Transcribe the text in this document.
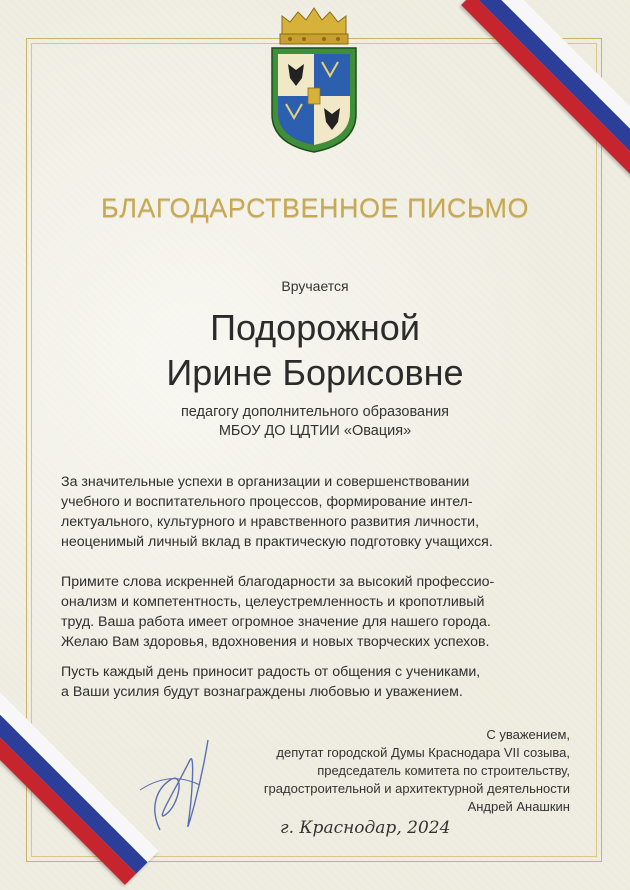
БЛАГОДАРСТВЕННОЕ ПИСЬМО
Вручается
Подорожной
Ирине Борисовне
педагогу дополнительного образования
МБОУ ДО ЦДТИИ «Овация»
За значительные успехи в организации и совершенствовании
учебного и воспитательного процессов, формирование интел-
лектуального, культурного и нравственного развития личности,
неоценимый личный вклад в практическую подготовку учащихся.
Примите слова искренней благодарности за высокий профессио-
онализм и компетентность, целеустремленность и кропотливый
труд. Ваша работа имеет огромное значение для нашего города.
Желаю Вам здоровья, вдохновения и новых творческих успехов.
Пусть каждый день приносит радость от общения с учениками,
а Ваши усилия будут вознаграждены любовью и уважением.
С уважением,
депутат городской Думы Краснодара VII созыва,
председатель комитета по строительству,
градостроительной и архитектурной деятельности
Андрей Анашкин
г. Краснодар, 2024
